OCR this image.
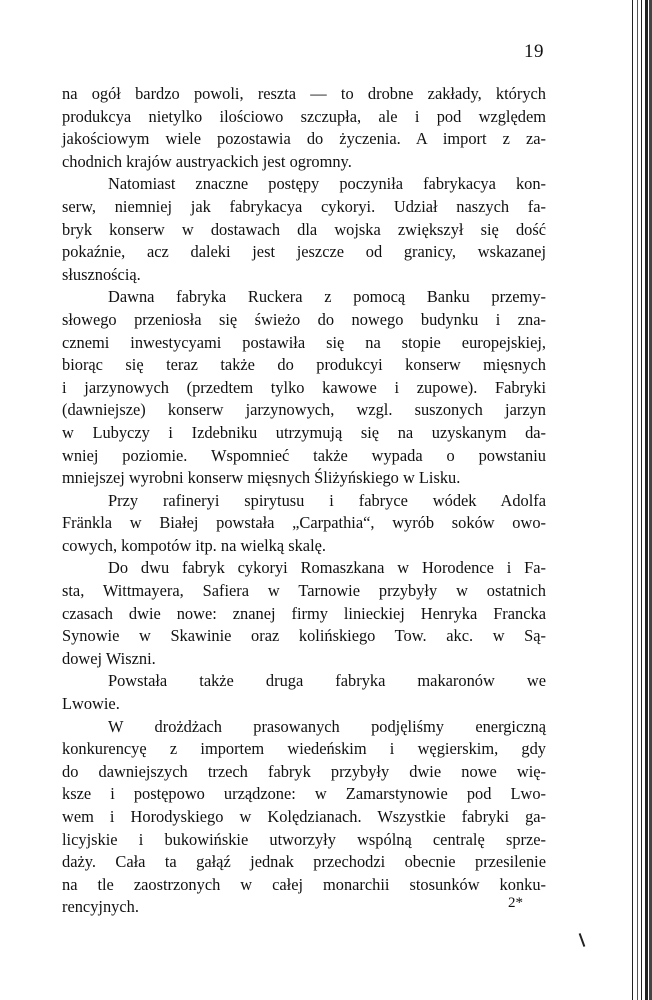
19
na ogół bardzo powoli, reszta — to drobne zakłady, których
produkcya nietylko ilościowo szczupła, ale i pod względem
jakościowym wiele pozostawia do życzenia. A import z za-
chodnich krajów austryackich jest ogromny.
Natomiast znaczne postępy poczyniła fabrykacya kon-
serw, niemniej jak fabrykacya cykoryi. Udział naszych fa-
bryk konserw w dostawach dla wojska zwiększył się dość
pokaźnie, acz daleki jest jeszcze od granicy, wskazanej
słusznością.
Dawna fabryka Ruckera z pomocą Banku przemy-
słowego przeniosła się świeżo do nowego budynku i zna-
cznemi inwestycyami postawiła się na stopie europejskiej,
biorąc się teraz także do produkcyi konserw mięsnych
i jarzynowych (przedtem tylko kawowe i zupowe). Fabryki
(dawniejsze) konserw jarzynowych, wzgl. suszonych jarzyn
w Lubyczy i Izdebniku utrzymują się na uzyskanym da-
wniej poziomie. Wspomnieć także wypada o powstaniu
mniejszej wyrobni konserw mięsnych Śliżyńskiego w Lisku.
Przy rafineryi spirytusu i fabryce wódek Adolfa
Fränkla w Białej powstała „Carpathia“, wyrób soków owo-
cowych, kompotów itp. na wielką skalę.
Do dwu fabryk cykoryi Romaszkana w Horodence i Fa-
sta, Wittmayera, Safiera w Tarnowie przybyły w ostatnich
czasach dwie nowe: znanej firmy linieckiej Henryka Francka
Synowie w Skawinie oraz kolińskiego Tow. akc. w Są-
dowej Wiszni.
Powstała także druga fabryka makaronów we
Lwowie.
W drożdżach prasowanych podjęliśmy energiczną
konkurencyę z importem wiedeńskim i węgierskim, gdy
do dawniejszych trzech fabryk przybyły dwie nowe wię-
ksze i postępowo urządzone: w Zamarstynowie pod Lwo-
wem i Horodyskiego w Kolędzianach. Wszystkie fabryki ga-
licyjskie i bukowińskie utworzyły wspólną centralę sprze-
daży. Cała ta gałąź jednak przechodzi obecnie przesilenie
na tle zaostrzonych w całej monarchii stosunków konku-
rencyjnych.	2*
